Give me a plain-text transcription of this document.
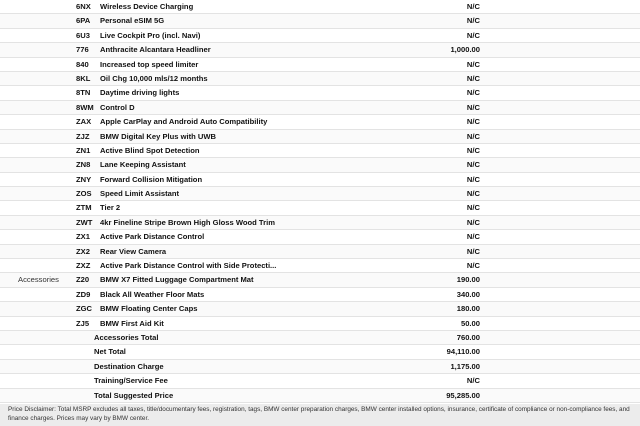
6NX Wireless Device Charging	N/C
6PA Personal eSIM 5G	N/C
6U3 Live Cockpit Pro (incl. Navi)	N/C
776 Anthracite Alcantara Headliner	1,000.00
840 Increased top speed limiter	N/C
8KL Oil Chg 10,000 mls/12 months	N/C
8TN Daytime driving lights	N/C
8WM Control D	N/C
ZAX Apple CarPlay and Android Auto Compatibility	N/C
ZJZ BMW Digital Key Plus with UWB	N/C
ZN1 Active Blind Spot Detection	N/C
ZN8 Lane Keeping Assistant	N/C
ZNY Forward Collision Mitigation	N/C
ZOS Speed Limit Assistant	N/C
ZTM Tier 2	N/C
ZWT 4kr Fineline Stripe Brown High Gloss Wood Trim	N/C
ZX1 Active Park Distance Control	N/C
ZX2 Rear View Camera	N/C
ZXZ Active Park Distance Control with Side Protecti...	N/C
Accessories Z20 BMW X7 Fitted Luggage Compartment Mat	190.00
ZD9 Black All Weather Floor Mats	340.00
ZGC BMW Floating Center Caps	180.00
ZJ5 BMW First Aid Kit	50.00
Accessories Total	760.00
Net Total	94,110.00
Destination Charge	1,175.00
Training/Service Fee	N/C
Total Suggested Price	95,285.00
Price Disclaimer: Total MSRP excludes all taxes, title/documentary fees, registration, tags, BMW center preparation charges, BMW center installed options, insurance, certificate of compliance or non-compliance fees, and finance charges. Prices may vary by BMW center.
